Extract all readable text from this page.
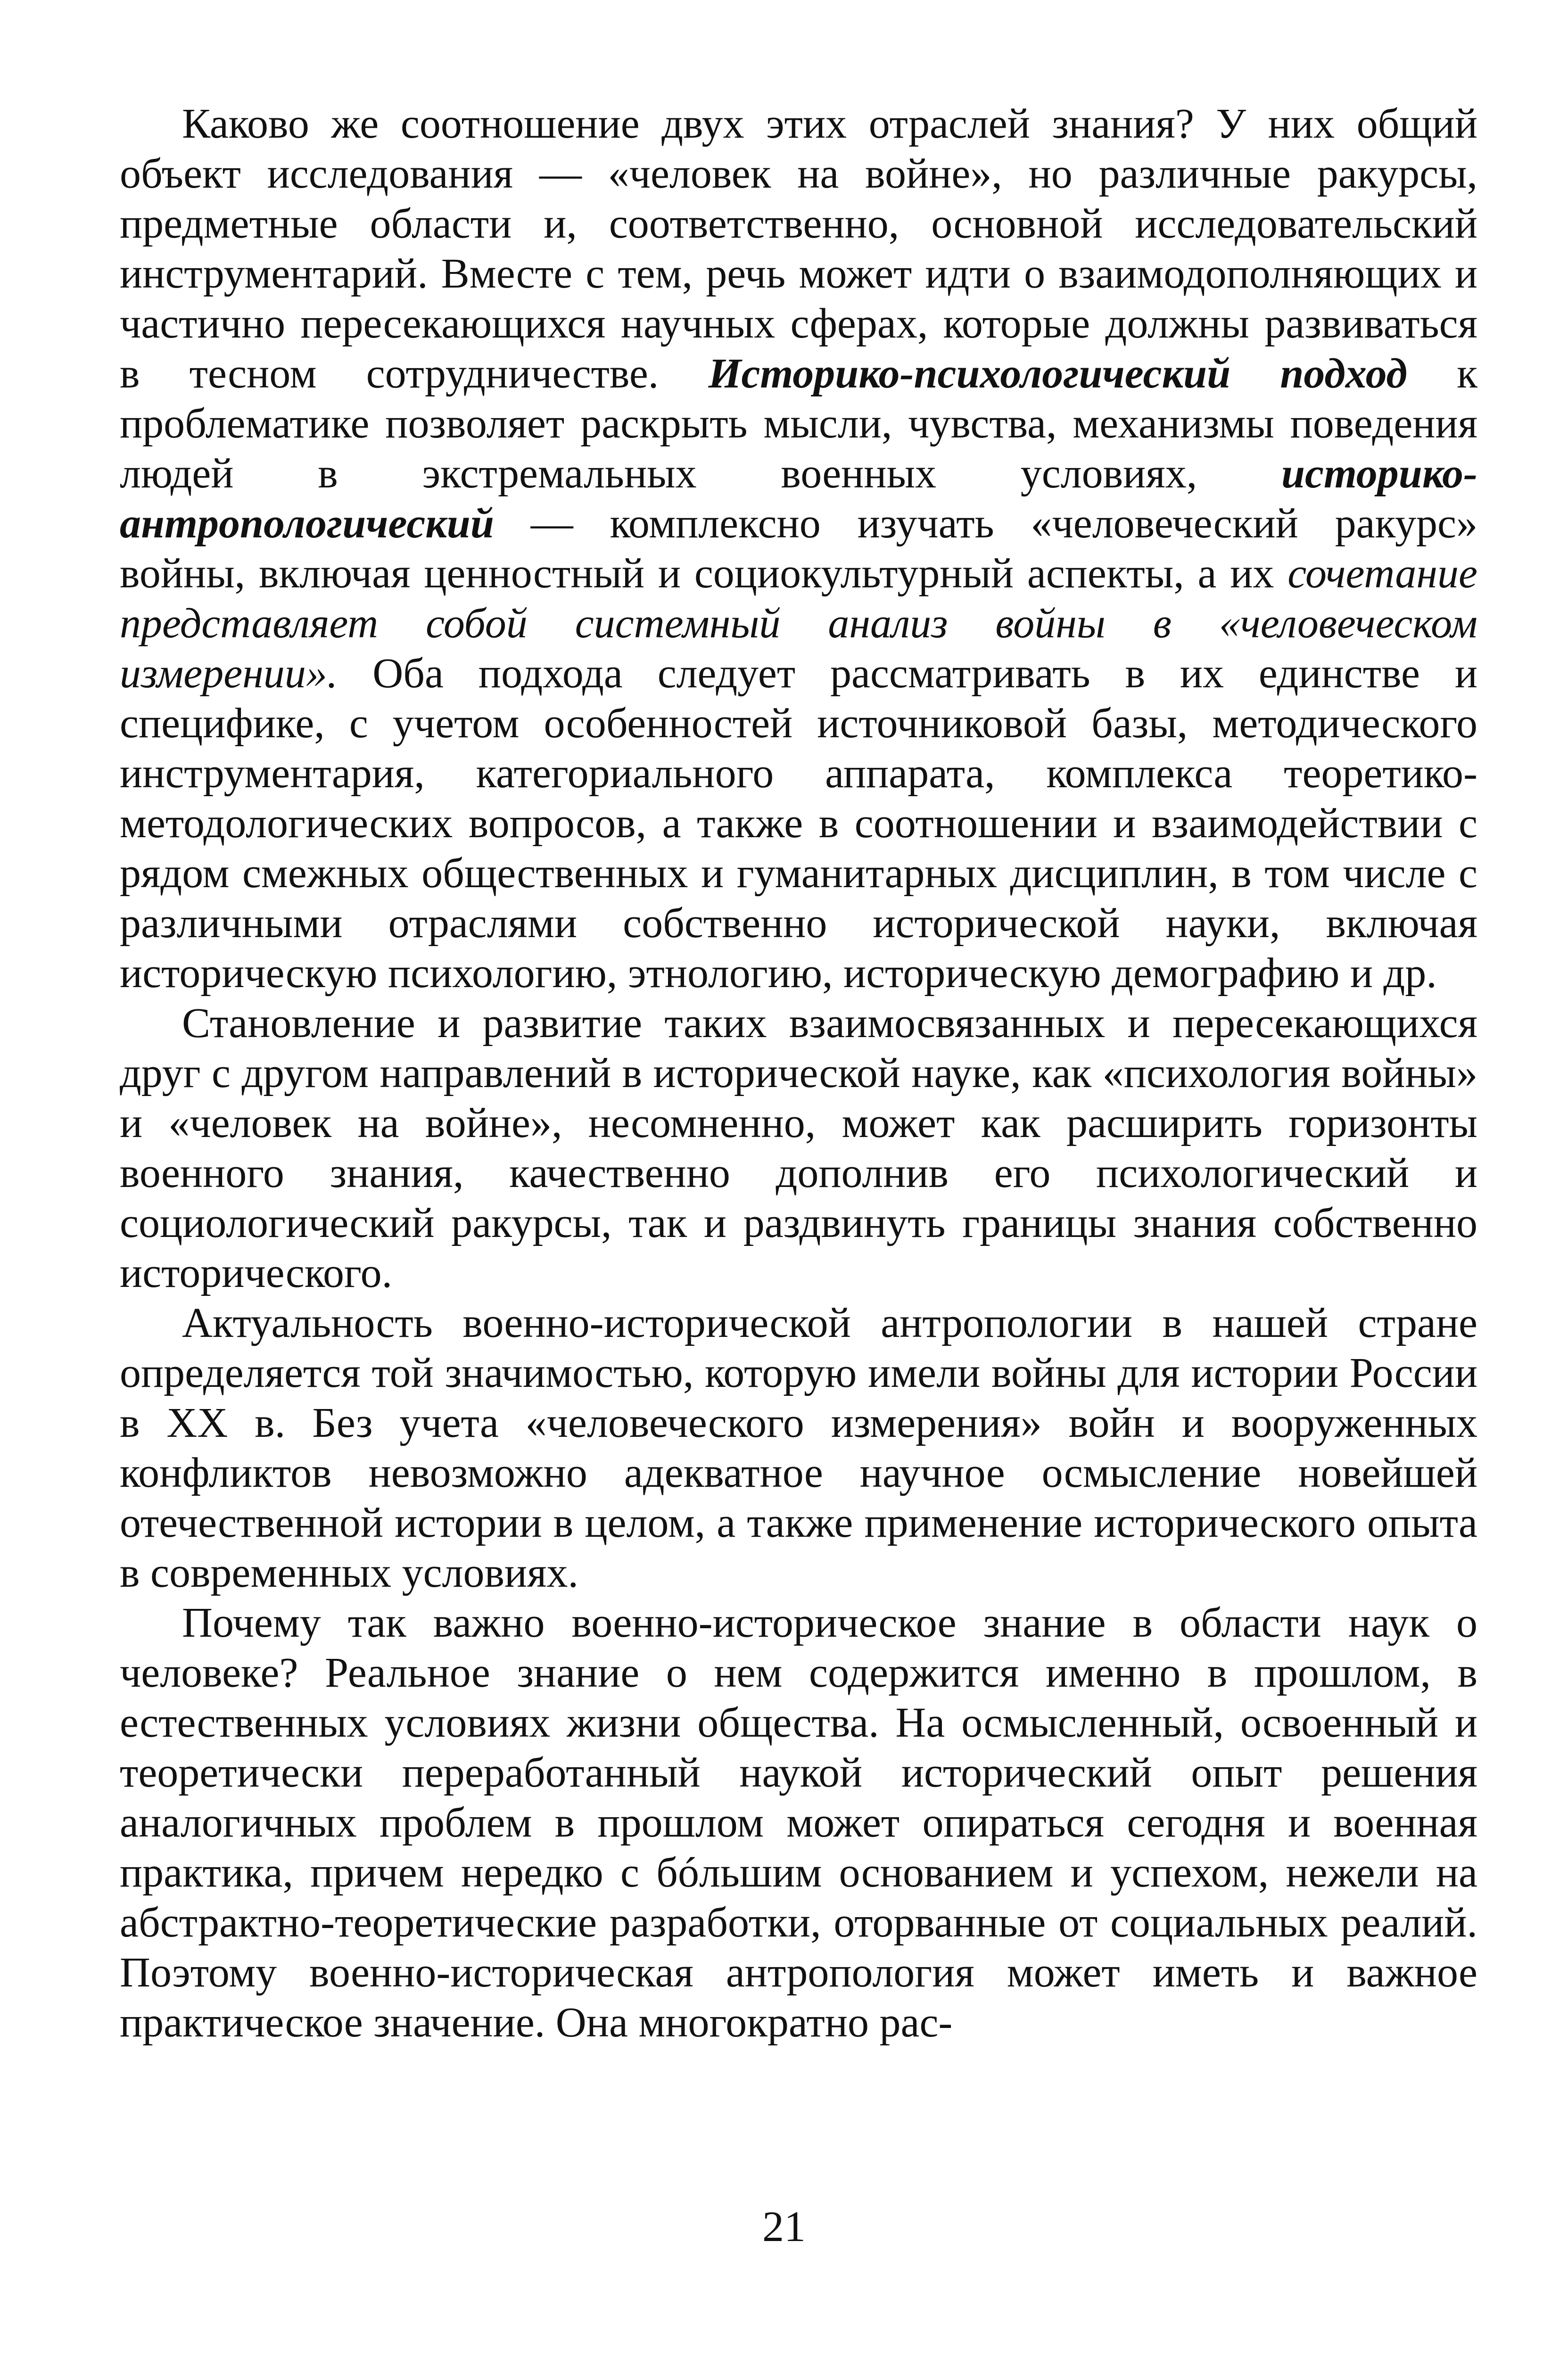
Каково же соотношение двух этих отраслей знания? У них общий объект исследования — «человек на войне», но различные ракурсы, предметные области и, соответственно, основной исследовательский инструментарий. Вместе с тем, речь может идти о взаимодополняющих и частично пересекающихся научных сферах, которые должны развиваться в тесном сотрудничестве. Историко-психологический подход к проблематике позволяет раскрыть мысли, чувства, механизмы поведения людей в экстремальных военных условиях, историко-антропологический — комплексно изучать «человеческий ракурс» войны, включая ценностный и социокультурный аспекты, а их сочетание представляет собой системный анализ войны в «человеческом измерении». Оба подхода следует рассматривать в их единстве и специфике, с учетом особенностей источниковой базы, методического инструментария, категориального аппарата, комплекса теоретико-методологических вопросов, а также в соотношении и взаимодействии с рядом смежных общественных и гуманитарных дисциплин, в том числе с различными отраслями собственно исторической науки, включая историческую психологию, этнологию, историческую демографию и др.

Становление и развитие таких взаимосвязанных и пересекающихся друг с другом направлений в исторической науке, как «психология войны» и «человек на войне», несомненно, может как расширить горизонты военного знания, качественно дополнив его психологический и социологический ракурсы, так и раздвинуть границы знания собственно исторического.

Актуальность военно-исторической антропологии в нашей стране определяется той значимостью, которую имели войны для истории России в XX в. Без учета «человеческого измерения» войн и вооруженных конфликтов невозможно адекватное научное осмысление новейшей отечественной истории в целом, а также применение исторического опыта в современных условиях.

Почему так важно военно-историческое знание в области наук о человеке? Реальное знание о нем содержится именно в прошлом, в естественных условиях жизни общества. На осмысленный, освоенный и теоретически переработанный наукой исторический опыт решения аналогичных проблем в прошлом может опираться сегодня и военная практика, причем нередко с бóльшим основанием и успехом, нежели на абстрактно-теоретические разработки, оторванные от социальных реалий. Поэтому военно-историческая антропология может иметь и важное практическое значение. Она многократно рас-

21
